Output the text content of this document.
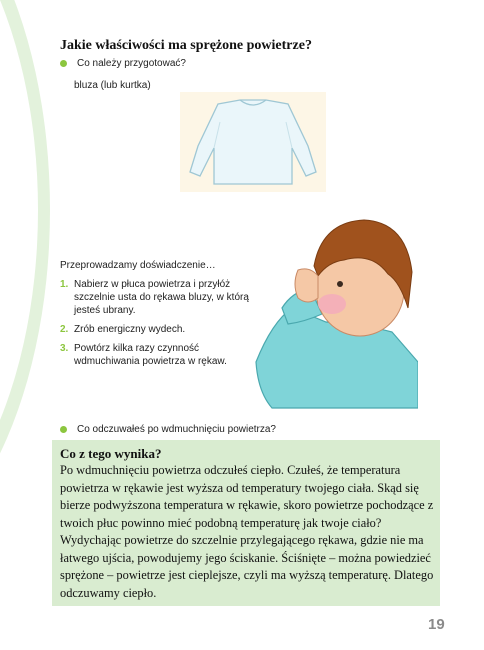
Jakie właściwości ma sprężone powietrze?
Co należy przygotować?
bluza (lub kurtka)
Przeprowadzamy doświadczenie…
1. Nabierz w płuca powietrza i przyłóż szczelnie usta do rękawa bluzy, w którą jesteś ubrany.
2. Zrób energiczny wydech.
3. Powtórz kilka razy czynność wdmuchiwania powietrza w rękaw.
Co odczuwałeś po wdmuchnięciu powietrza?
Co z tego wynika?
Po wdmuchnięciu powietrza odczułeś ciepło. Czułeś, że temperatura powietrza w rękawie jest wyższa od temperatury twojego ciała. Skąd się bierze podwyższona temperatura w rękawie, skoro powietrze pochodzące z twoich płuc powinno mieć podobną temperaturę jak twoje ciało? Wydychając powietrze do szczelnie przylegającego rękawa, gdzie nie ma łatwego ujścia, powodujemy jego ściskanie. Ściśnięte – można powiedzieć sprężone – powietrze jest cieplejsze, czyli ma wyższą temperaturę. Dlatego odczuwamy ciepło.
19
